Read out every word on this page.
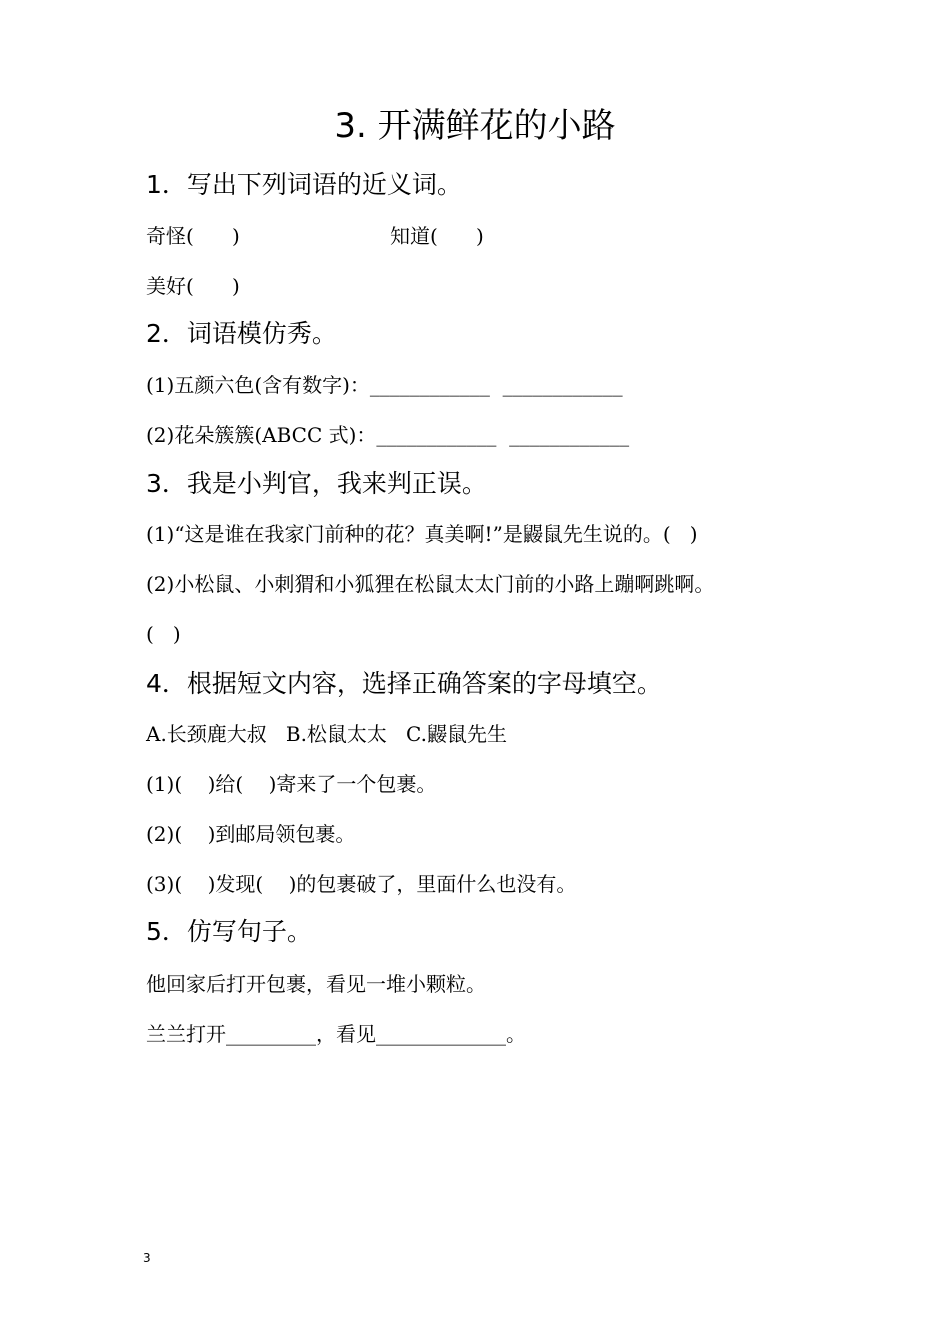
3. 开满鲜花的小路
1．写出下列词语的近义词。
奇怪(      )	知道(      )
美好(      )
2．词语模仿秀。
(1)五颜六色(含有数字)：____________  ____________
(2)花朵簇簇(ABCC 式)：____________  ____________
3．我是小判官，我来判正误。
(1)“这是谁在我家门前种的花？真美啊!”是鼹鼠先生说的。(   )
(2)小松鼠、小刺猬和小狐狸在松鼠太太门前的小路上蹦啊跳啊。
(   )
4．根据短文内容，选择正确答案的字母填空。
A.长颈鹿大叔   B.松鼠太太   C.鼹鼠先生
(1)(    )给(    )寄来了一个包裹。
(2)(    )到邮局领包裹。
(3)(    )发现(    )的包裹破了，里面什么也没有。
5．仿写句子。
他回家后打开包裹，看见一堆小颗粒。
兰兰打开_________，看见_____________。
3
